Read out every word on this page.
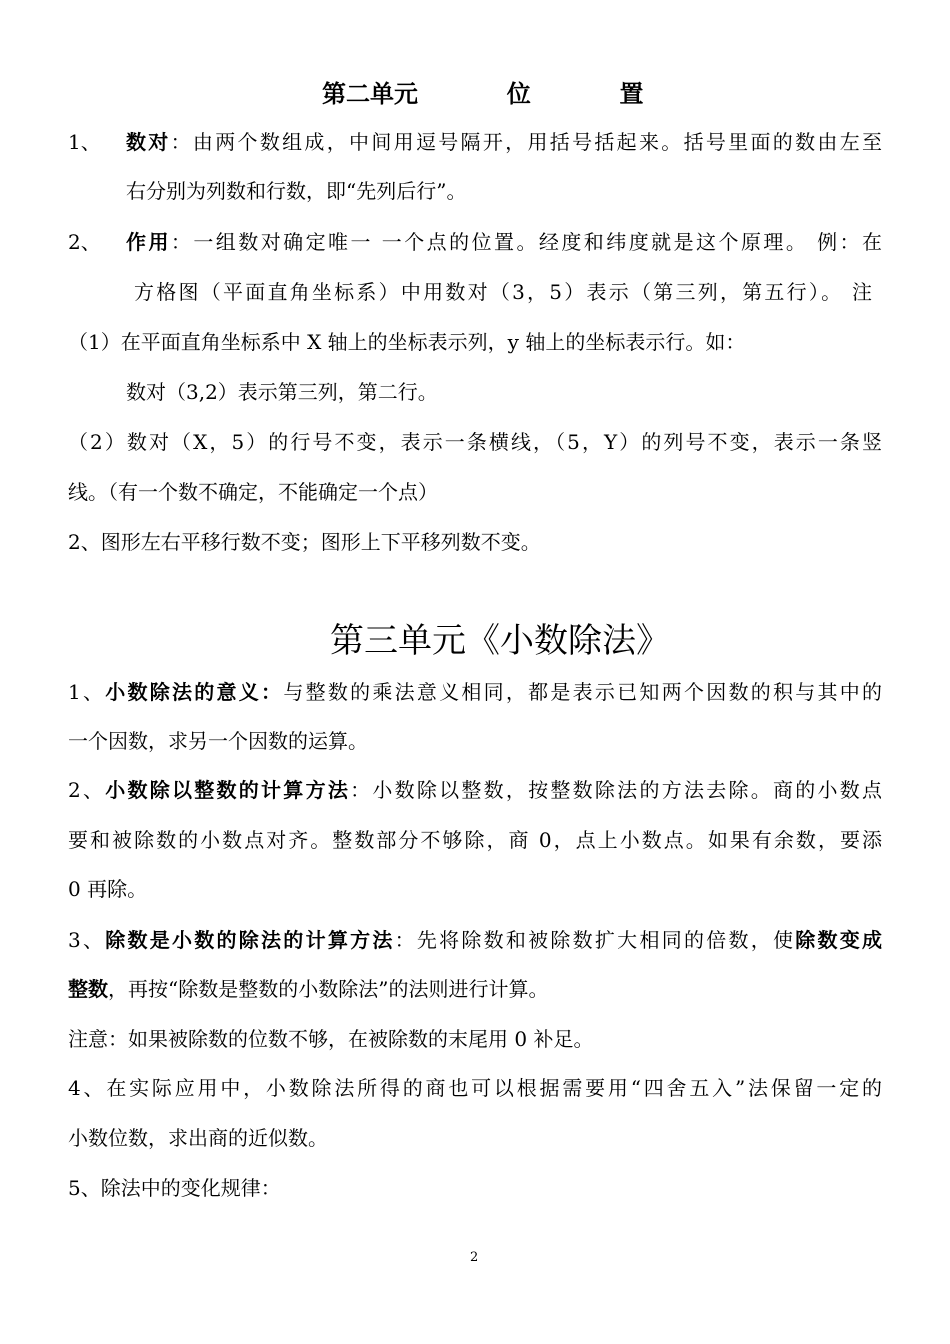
第二单元	位	置
1、 数对：由两个数组成，中间用逗号隔开，用括号括起来。括号里面的数由左至
右分别为列数和行数，即“先列后行”。
2、 作用：一组数对确定唯一 一个点的位置。经度和纬度就是这个原理。 例：在
方格图（平面直角坐标系）中用数对（3，5）表示（第三列，第五行）。 注
（1）在平面直角坐标系中 X 轴上的坐标表示列，y 轴上的坐标表示行。如：
数对（3,2）表示第三列，第二行。
（2）数对（X，5）的行号不变，表示一条横线，（5，Y）的列号不变，表示一条竖
线。（有一个数不确定，不能确定一个点）
2、图形左右平移行数不变；图形上下平移列数不变。
第三单元《小数除法》
1、小数除法的意义：与整数的乘法意义相同，都是表示已知两个因数的积与其中的
一个因数，求另一个因数的运算。
2、小数除以整数的计算方法：小数除以整数，按整数除法的方法去除。商的小数点
要和被除数的小数点对齐。整数部分不够除，商 0，点上小数点。如果有余数，要添
0 再除。
3、除数是小数的除法的计算方法：先将除数和被除数扩大相同的倍数，使除数变成
整数，再按“除数是整数的小数除法”的法则进行计算。
注意：如果被除数的位数不够，在被除数的末尾用 0 补足。
4、在实际应用中，小数除法所得的商也可以根据需要用“四舍五入”法保留一定的
小数位数，求出商的近似数。
5、除法中的变化规律：
2
